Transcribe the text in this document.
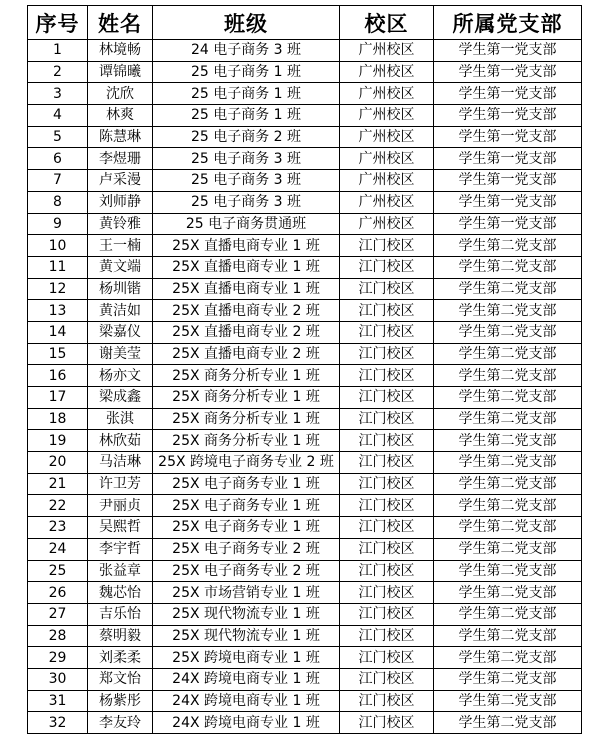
序号	姓名	班级	校区	所属党支部
1	林境畅	24 电子商务 3 班	广州校区	学生第一党支部
2	谭锦曦	25 电子商务 1 班	广州校区	学生第一党支部
3	沈欣	25 电子商务 1 班	广州校区	学生第一党支部
4	林爽	25 电子商务 1 班	广州校区	学生第一党支部
5	陈慧琳	25 电子商务 2 班	广州校区	学生第一党支部
6	李煜珊	25 电子商务 3 班	广州校区	学生第一党支部
7	卢采漫	25 电子商务 3 班	广州校区	学生第一党支部
8	刘师静	25 电子商务 3 班	广州校区	学生第一党支部
9	黄铃雅	25 电子商务贯通班	广州校区	学生第一党支部
10	王一楠	25X 直播电商专业 1 班	江门校区	学生第二党支部
11	黄文端	25X 直播电商专业 1 班	江门校区	学生第二党支部
12	杨圳锴	25X 直播电商专业 1 班	江门校区	学生第二党支部
13	黄洁如	25X 直播电商专业 2 班	江门校区	学生第二党支部
14	梁嘉仪	25X 直播电商专业 2 班	江门校区	学生第二党支部
15	谢美莹	25X 直播电商专业 2 班	江门校区	学生第二党支部
16	杨亦文	25X 商务分析专业 1 班	江门校区	学生第二党支部
17	梁成鑫	25X 商务分析专业 1 班	江门校区	学生第二党支部
18	张淇	25X 商务分析专业 1 班	江门校区	学生第二党支部
19	林欣茹	25X 商务分析专业 1 班	江门校区	学生第二党支部
20	马洁琳	25X 跨境电子商务专业 2 班	江门校区	学生第二党支部
21	许卫芳	25X 电子商务专业 1 班	江门校区	学生第二党支部
22	尹丽贞	25X 电子商务专业 1 班	江门校区	学生第二党支部
23	吴熙哲	25X 电子商务专业 1 班	江门校区	学生第二党支部
24	李宇哲	25X 电子商务专业 2 班	江门校区	学生第二党支部
25	张益章	25X 电子商务专业 2 班	江门校区	学生第二党支部
26	魏芯怡	25X 市场营销专业 1 班	江门校区	学生第二党支部
27	吉乐怡	25X 现代物流专业 1 班	江门校区	学生第二党支部
28	蔡明毅	25X 现代物流专业 1 班	江门校区	学生第二党支部
29	刘柔柔	25X 跨境电商专业 1 班	江门校区	学生第二党支部
30	郑文怡	24X 跨境电商专业 1 班	江门校区	学生第二党支部
31	杨紫彤	24X 跨境电商专业 1 班	江门校区	学生第二党支部
32	李友玲	24X 跨境电商专业 1 班	江门校区	学生第二党支部
